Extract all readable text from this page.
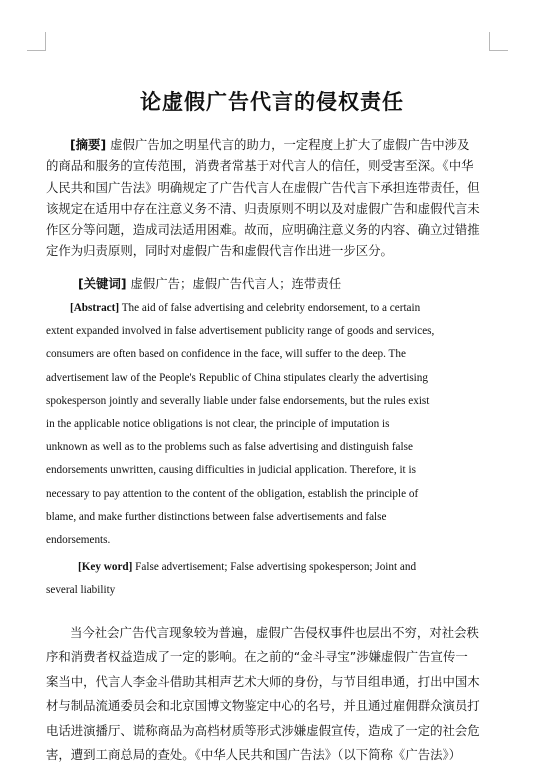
论虚假广告代言的侵权责任
[摘要] 虚假广告加之明星代言的助力，一定程度上扩大了虚假广告中涉及
的商品和服务的宣传范围，消费者常基于对代言人的信任，则受害至深。《中华
人民共和国广告法》明确规定了广告代言人在虚假广告代言下承担连带责任，但
该规定在适用中存在注意义务不清、归责原则不明以及对虚假广告和虚假代言未
作区分等问题，造成司法适用困难。故而，应明确注意义务的内容、确立过错推
定作为归责原则，同时对虚假广告和虚假代言作出进一步区分。
[关键词] 虚假广告；虚假广告代言人；连带责任
[Abstract] The aid of false advertising and celebrity endorsement, to a certain
extent expanded involved in false advertisement publicity range of goods and services,
consumers are often based on confidence in the face, will suffer to the deep. The
advertisement law of the People's Republic of China stipulates clearly the advertising
spokesperson jointly and severally liable under false endorsements, but the rules exist
in the applicable notice obligations is not clear, the principle of imputation is
unknown as well as to the problems such as false advertising and distinguish false
endorsements unwritten, causing difficulties in judicial application. Therefore, it is
necessary to pay attention to the content of the obligation, establish the principle of
blame, and make further distinctions between false advertisements and false
endorsements.
[Key word] False advertisement; False advertising spokesperson; Joint and
several liability
当今社会广告代言现象较为普遍，虚假广告侵权事件也层出不穷，对社会秩
序和消费者权益造成了一定的影响。在之前的“金斗寻宝”涉嫌虚假广告宣传一
案当中，代言人李金斗借助其相声艺术大师的身份，与节目组串通，打出中国木
材与制品流通委员会和北京国博文物鉴定中心的名号，并且通过雇佣群众演员打
电话进演播厅、谎称商品为高档材质等形式涉嫌虚假宣传，造成了一定的社会危
害，遭到工商总局的查处。《中华人民共和国广告法》（以下简称《广告法》）
